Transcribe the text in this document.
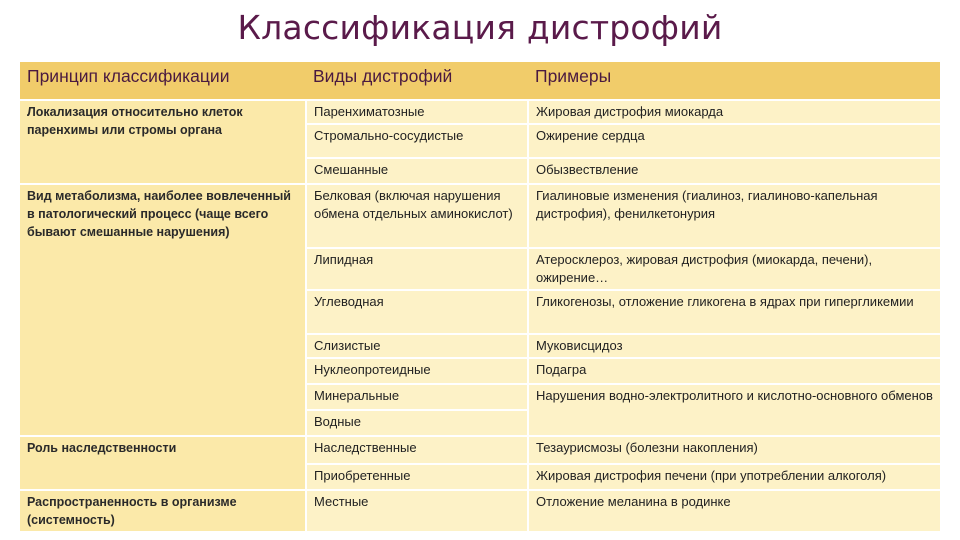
Классификация дистрофий
Принцип классификации	Виды дистрофий	Примеры
Локализация относительно клеток паренхимы или стромы органа	Паренхиматозные	Жировая дистрофия миокарда
	Стромально-сосудистые	Ожирение сердца
	Смешанные	Обызвествление
Вид метаболизма, наиболее вовлеченный в патологический процесс (чаще всего бывают смешанные нарушения)	Белковая (включая нарушения обмена отдельных аминокислот)	Гиалиновые изменения (гиалиноз, гиалиново-капельная дистрофия), фенилкетонурия
	Липидная	Атеросклероз, жировая дистрофия (миокарда, печени), ожирение…
	Углеводная	Гликогенозы, отложение гликогена в ядрах при гипергликемии
	Слизистые	Муковисцидоз
	Нуклеопротеидные	Подагра
	Минеральные	Нарушения водно-электролитного и кислотно-основного обменов
	Водные	
Роль наследственности	Наследственные	Тезаурисмозы (болезни накопления)
	Приобретенные	Жировая дистрофия печени (при употреблении алкоголя)
Распространенность в организме (системность)	Местные	Отложение меланина в родинке
